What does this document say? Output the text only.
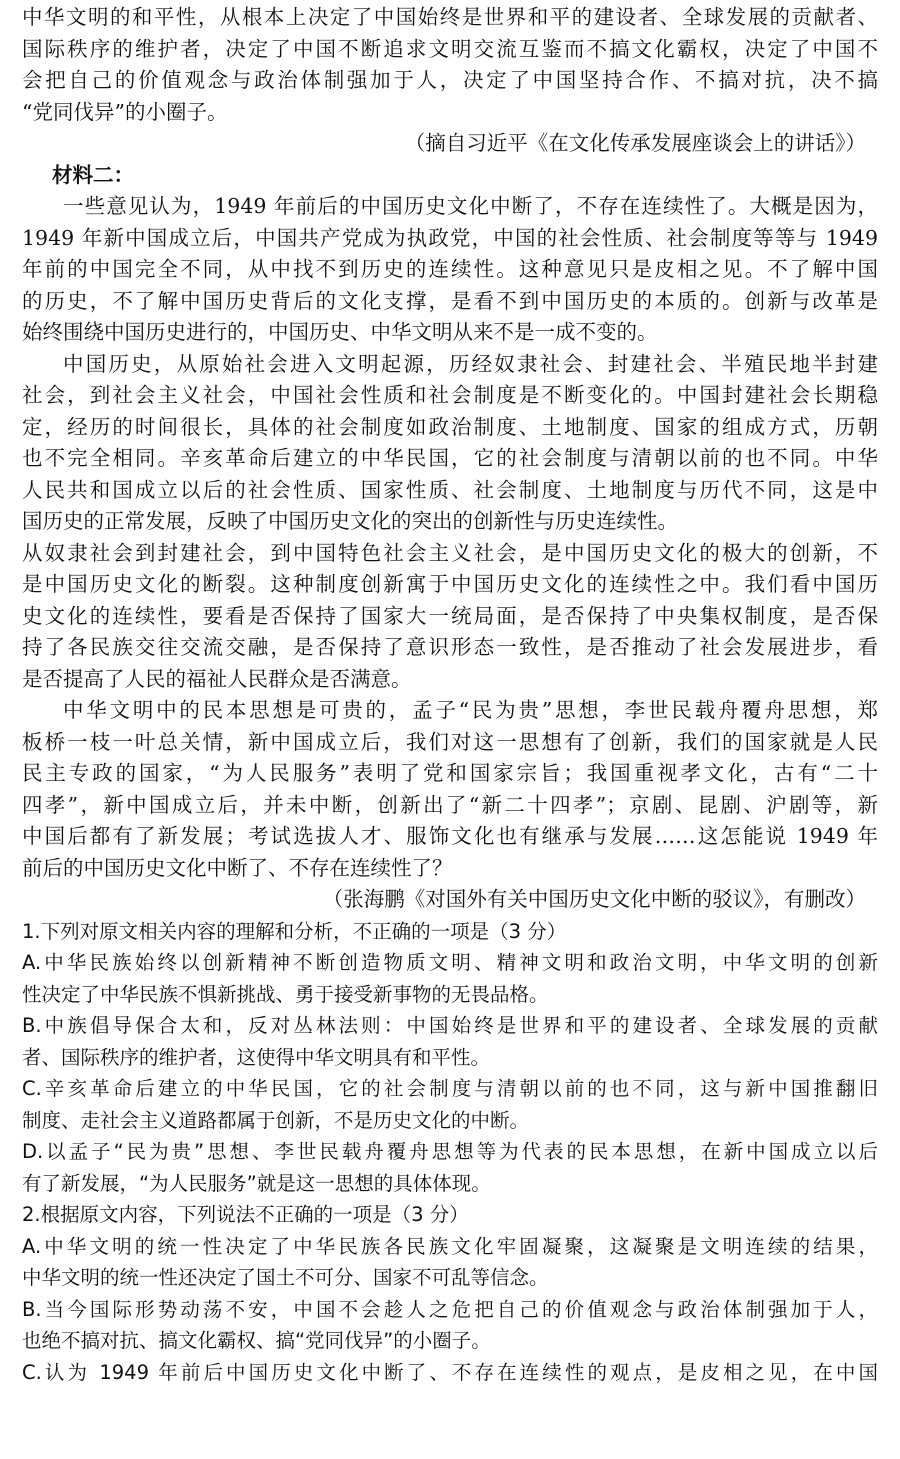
中华文明的和平性，从根本上决定了中国始终是世界和平的建设者、全球发展的贡献者、
国际秩序的维护者，决定了中国不断追求文明交流互鉴而不搞文化霸权，决定了中国不
会把自己的价值观念与政治体制强加于人，决定了中国坚持合作、不搞对抗，决不搞
“党同伐异”的小圈子。
（摘自习近平《在文化传承发展座谈会上的讲话》）
材料二：
一些意见认为，1949 年前后的中国历史文化中断了，不存在连续性了。大概是因为，
1949 年新中国成立后，中国共产党成为执政党，中国的社会性质、社会制度等等与 1949
年前的中国完全不同，从中找不到历史的连续性。这种意见只是皮相之见。不了解中国
的历史，不了解中国历史背后的文化支撑，是看不到中国历史的本质的。创新与改革是
始终围绕中国历史进行的，中国历史、中华文明从来不是一成不变的。
中国历史，从原始社会进入文明起源，历经奴隶社会、封建社会、半殖民地半封建
社会，到社会主义社会，中国社会性质和社会制度是不断变化的。中国封建社会长期稳
定，经历的时间很长，具体的社会制度如政治制度、土地制度、国家的组成方式，历朝
也不完全相同。辛亥革命后建立的中华民国，它的社会制度与清朝以前的也不同。中华
人民共和国成立以后的社会性质、国家性质、社会制度、土地制度与历代不同，这是中
国历史的正常发展，反映了中国历史文化的突出的创新性与历史连续性。
从奴隶社会到封建社会，到中国特色社会主义社会，是中国历史文化的极大的创新，不
是中国历史文化的断裂。这种制度创新寓于中国历史文化的连续性之中。我们看中国历
史文化的连续性，要看是否保持了国家大一统局面，是否保持了中央集权制度，是否保
持了各民族交往交流交融，是否保持了意识形态一致性，是否推动了社会发展进步，看
是否提高了人民的福祉人民群众是否满意。
中华文明中的民本思想是可贵的，孟子“民为贵”思想，李世民载舟覆舟思想，郑
板桥一枝一叶总关情，新中国成立后，我们对这一思想有了创新，我们的国家就是人民
民主专政的国家，“为人民服务”表明了党和国家宗旨；我国重视孝文化，古有“二十
四孝”，新中国成立后，并未中断，创新出了“新二十四孝”；京剧、昆剧、沪剧等，新
中国后都有了新发展；考试选拔人才、服饰文化也有继承与发展……这怎能说 1949 年
前后的中国历史文化中断了、不存在连续性了？
（张海鹏《对国外有关中国历史文化中断的驳议》，有删改）
1.下列对原文相关内容的理解和分析，不正确的一项是（3 分）
A.中华民族始终以创新精神不断创造物质文明、精神文明和政治文明，中华文明的创新
性决定了中华民族不惧新挑战、勇于接受新事物的无畏品格。
B.中族倡导保合太和，反对丛林法则：中国始终是世界和平的建设者、全球发展的贡献
者、国际秩序的维护者，这使得中华文明具有和平性。
C.辛亥革命后建立的中华民国，它的社会制度与清朝以前的也不同，这与新中国推翻旧
制度、走社会主义道路都属于创新，不是历史文化的中断。
D.以孟子“民为贵”思想、李世民载舟覆舟思想等为代表的民本思想，在新中国成立以后
有了新发展，“为人民服务”就是这一思想的具体体现。
2.根据原文内容，下列说法不正确的一项是（3 分）
A.中华文明的统一性决定了中华民族各民族文化牢固凝聚，这凝聚是文明连续的结果，
中华文明的统一性还决定了国土不可分、国家不可乱等信念。
B.当今国际形势动荡不安，中国不会趁人之危把自己的价值观念与政治体制强加于人，
也绝不搞对抗、搞文化霸权、搞“党同伐异”的小圈子。
C.认为 1949 年前后中国历史文化中断了、不存在连续性的观点，是皮相之见，在中国
